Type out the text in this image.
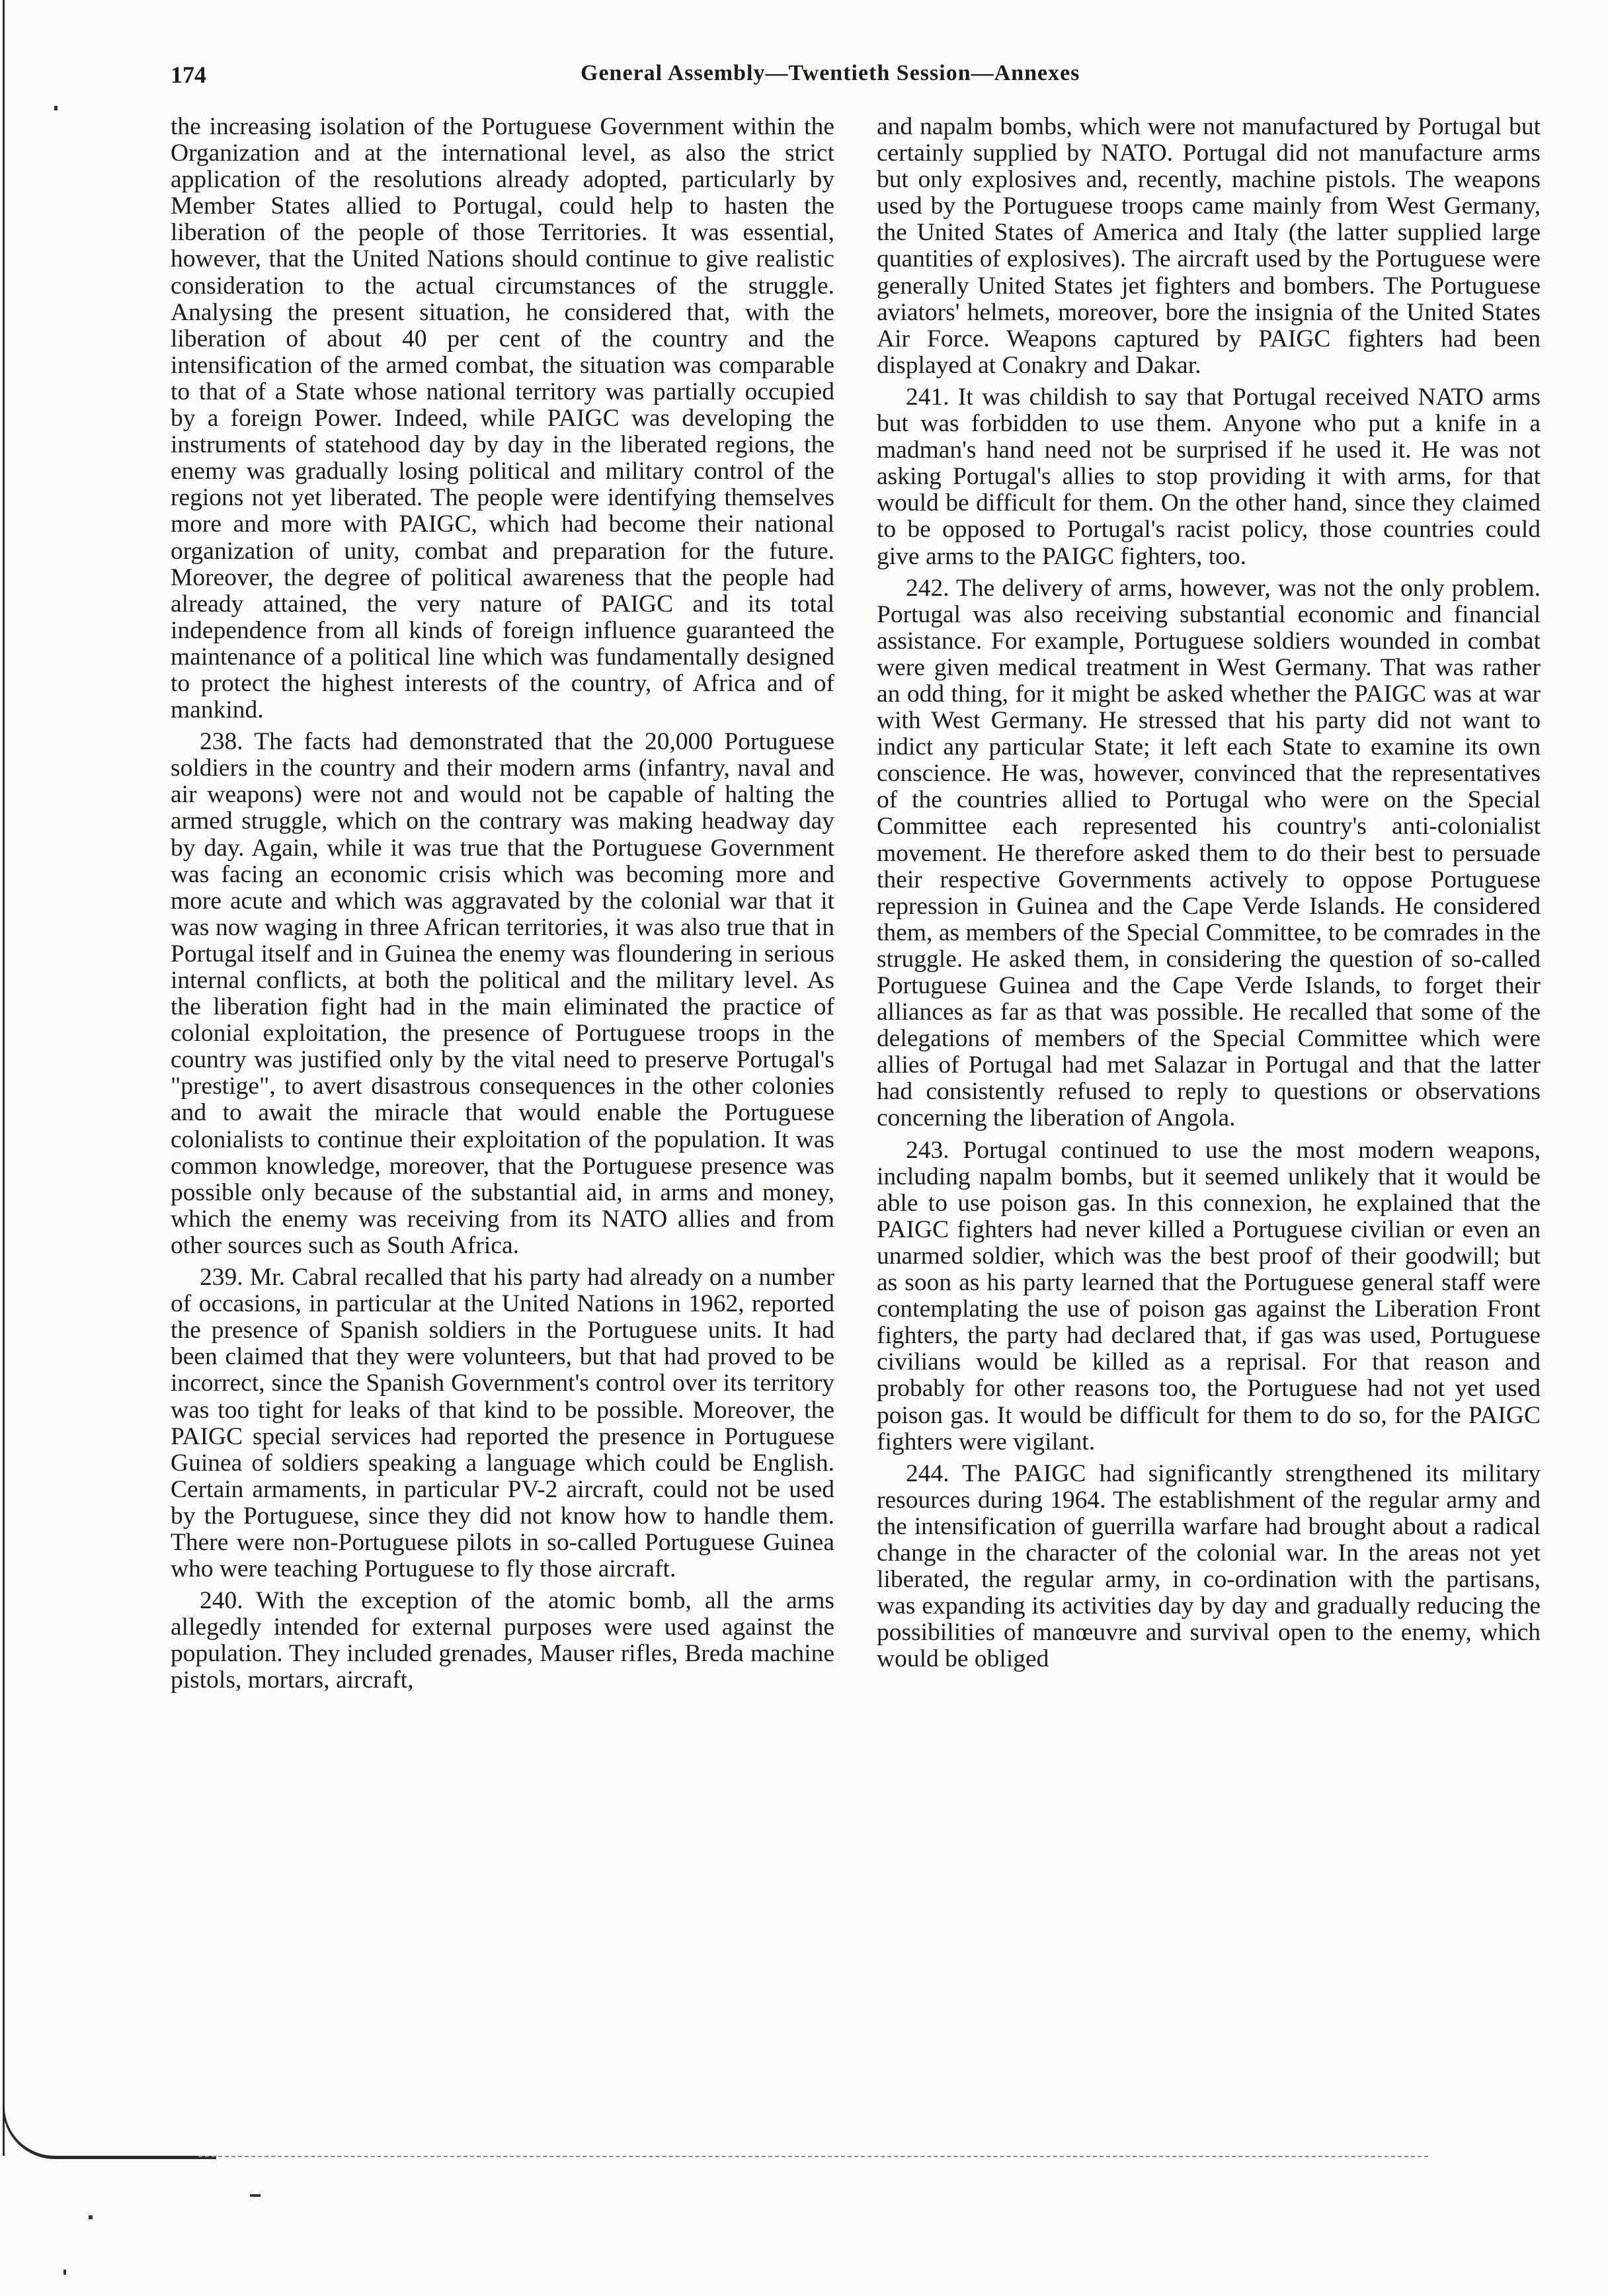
174	General Assembly—Twentieth Session—Annexes

the increasing isolation of the Portuguese Government within the Organization and at the international level, as also the strict application of the resolutions already adopted, particularly by Member States allied to Portugal, could help to hasten the liberation of the people of those Territories. It was essential, however, that the United Nations should continue to give realistic consideration to the actual circumstances of the struggle. Analysing the present situation, he considered that, with the liberation of about 40 per cent of the country and the intensification of the armed combat, the situation was comparable to that of a State whose national territory was partially occupied by a foreign Power. Indeed, while PAIGC was developing the instruments of statehood day by day in the liberated regions, the enemy was gradually losing political and military control of the regions not yet liberated. The people were identifying themselves more and more with PAIGC, which had become their national organization of unity, combat and preparation for the future. Moreover, the degree of political awareness that the people had already attained, the very nature of PAIGC and its total independence from all kinds of foreign influence guaranteed the maintenance of a political line which was fundamentally designed to protect the highest interests of the country, of Africa and of mankind.

238. The facts had demonstrated that the 20,000 Portuguese soldiers in the country and their modern arms (infantry, naval and air weapons) were not and would not be capable of halting the armed struggle, which on the contrary was making headway day by day. Again, while it was true that the Portuguese Government was facing an economic crisis which was becoming more and more acute and which was aggravated by the colonial war that it was now waging in three African territories, it was also true that in Portugal itself and in Guinea the enemy was floundering in serious internal conflicts, at both the political and the military level. As the liberation fight had in the main eliminated the practice of colonial exploitation, the presence of Portuguese troops in the country was justified only by the vital need to preserve Portugal's "prestige", to avert disastrous consequences in the other colonies and to await the miracle that would enable the Portuguese colonialists to continue their exploitation of the population. It was common knowledge, moreover, that the Portuguese presence was possible only because of the substantial aid, in arms and money, which the enemy was receiving from its NATO allies and from other sources such as South Africa.

239. Mr. Cabral recalled that his party had already on a number of occasions, in particular at the United Nations in 1962, reported the presence of Spanish soldiers in the Portuguese units. It had been claimed that they were volunteers, but that had proved to be incorrect, since the Spanish Government's control over its territory was too tight for leaks of that kind to be possible. Moreover, the PAIGC special services had reported the presence in Portuguese Guinea of soldiers speaking a language which could be English. Certain armaments, in particular PV-2 aircraft, could not be used by the Portuguese, since they did not know how to handle them. There were non-Portuguese pilots in so-called Portuguese Guinea who were teaching Portuguese to fly those aircraft.

240. With the exception of the atomic bomb, all the arms allegedly intended for external purposes were used against the population. They included grenades, Mauser rifles, Breda machine pistols, mortars, aircraft,

and napalm bombs, which were not manufactured by Portugal but certainly supplied by NATO. Portugal did not manufacture arms but only explosives and, recently, machine pistols. The weapons used by the Portuguese troops came mainly from West Germany, the United States of America and Italy (the latter supplied large quantities of explosives). The aircraft used by the Portuguese were generally United States jet fighters and bombers. The Portuguese aviators' helmets, moreover, bore the insignia of the United States Air Force. Weapons captured by PAIGC fighters had been displayed at Conakry and Dakar.

241. It was childish to say that Portugal received NATO arms but was forbidden to use them. Anyone who put a knife in a madman's hand need not be surprised if he used it. He was not asking Portugal's allies to stop providing it with arms, for that would be difficult for them. On the other hand, since they claimed to be opposed to Portugal's racist policy, those countries could give arms to the PAIGC fighters, too.

242. The delivery of arms, however, was not the only problem. Portugal was also receiving substantial economic and financial assistance. For example, Portuguese soldiers wounded in combat were given medical treatment in West Germany. That was rather an odd thing, for it might be asked whether the PAIGC was at war with West Germany. He stressed that his party did not want to indict any particular State; it left each State to examine its own conscience. He was, however, convinced that the representatives of the countries allied to Portugal who were on the Special Committee each represented his country's anti-colonialist movement. He therefore asked them to do their best to persuade their respective Governments actively to oppose Portuguese repression in Guinea and the Cape Verde Islands. He considered them, as members of the Special Committee, to be comrades in the struggle. He asked them, in considering the question of so-called Portuguese Guinea and the Cape Verde Islands, to forget their alliances as far as that was possible. He recalled that some of the delegations of members of the Special Committee which were allies of Portugal had met Salazar in Portugal and that the latter had consistently refused to reply to questions or observations concerning the liberation of Angola.

243. Portugal continued to use the most modern weapons, including napalm bombs, but it seemed unlikely that it would be able to use poison gas. In this connexion, he explained that the PAIGC fighters had never killed a Portuguese civilian or even an unarmed soldier, which was the best proof of their goodwill; but as soon as his party learned that the Portuguese general staff were contemplating the use of poison gas against the Liberation Front fighters, the party had declared that, if gas was used, Portuguese civilians would be killed as a reprisal. For that reason and probably for other reasons too, the Portuguese had not yet used poison gas. It would be difficult for them to do so, for the PAIGC fighters were vigilant.

244. The PAIGC had significantly strengthened its military resources during 1964. The establishment of the regular army and the intensification of guerrilla warfare had brought about a radical change in the character of the colonial war. In the areas not yet liberated, the regular army, in co-ordination with the partisans, was expanding its activities day by day and gradually reducing the possibilities of manœuvre and survival open to the enemy, which would be obliged
